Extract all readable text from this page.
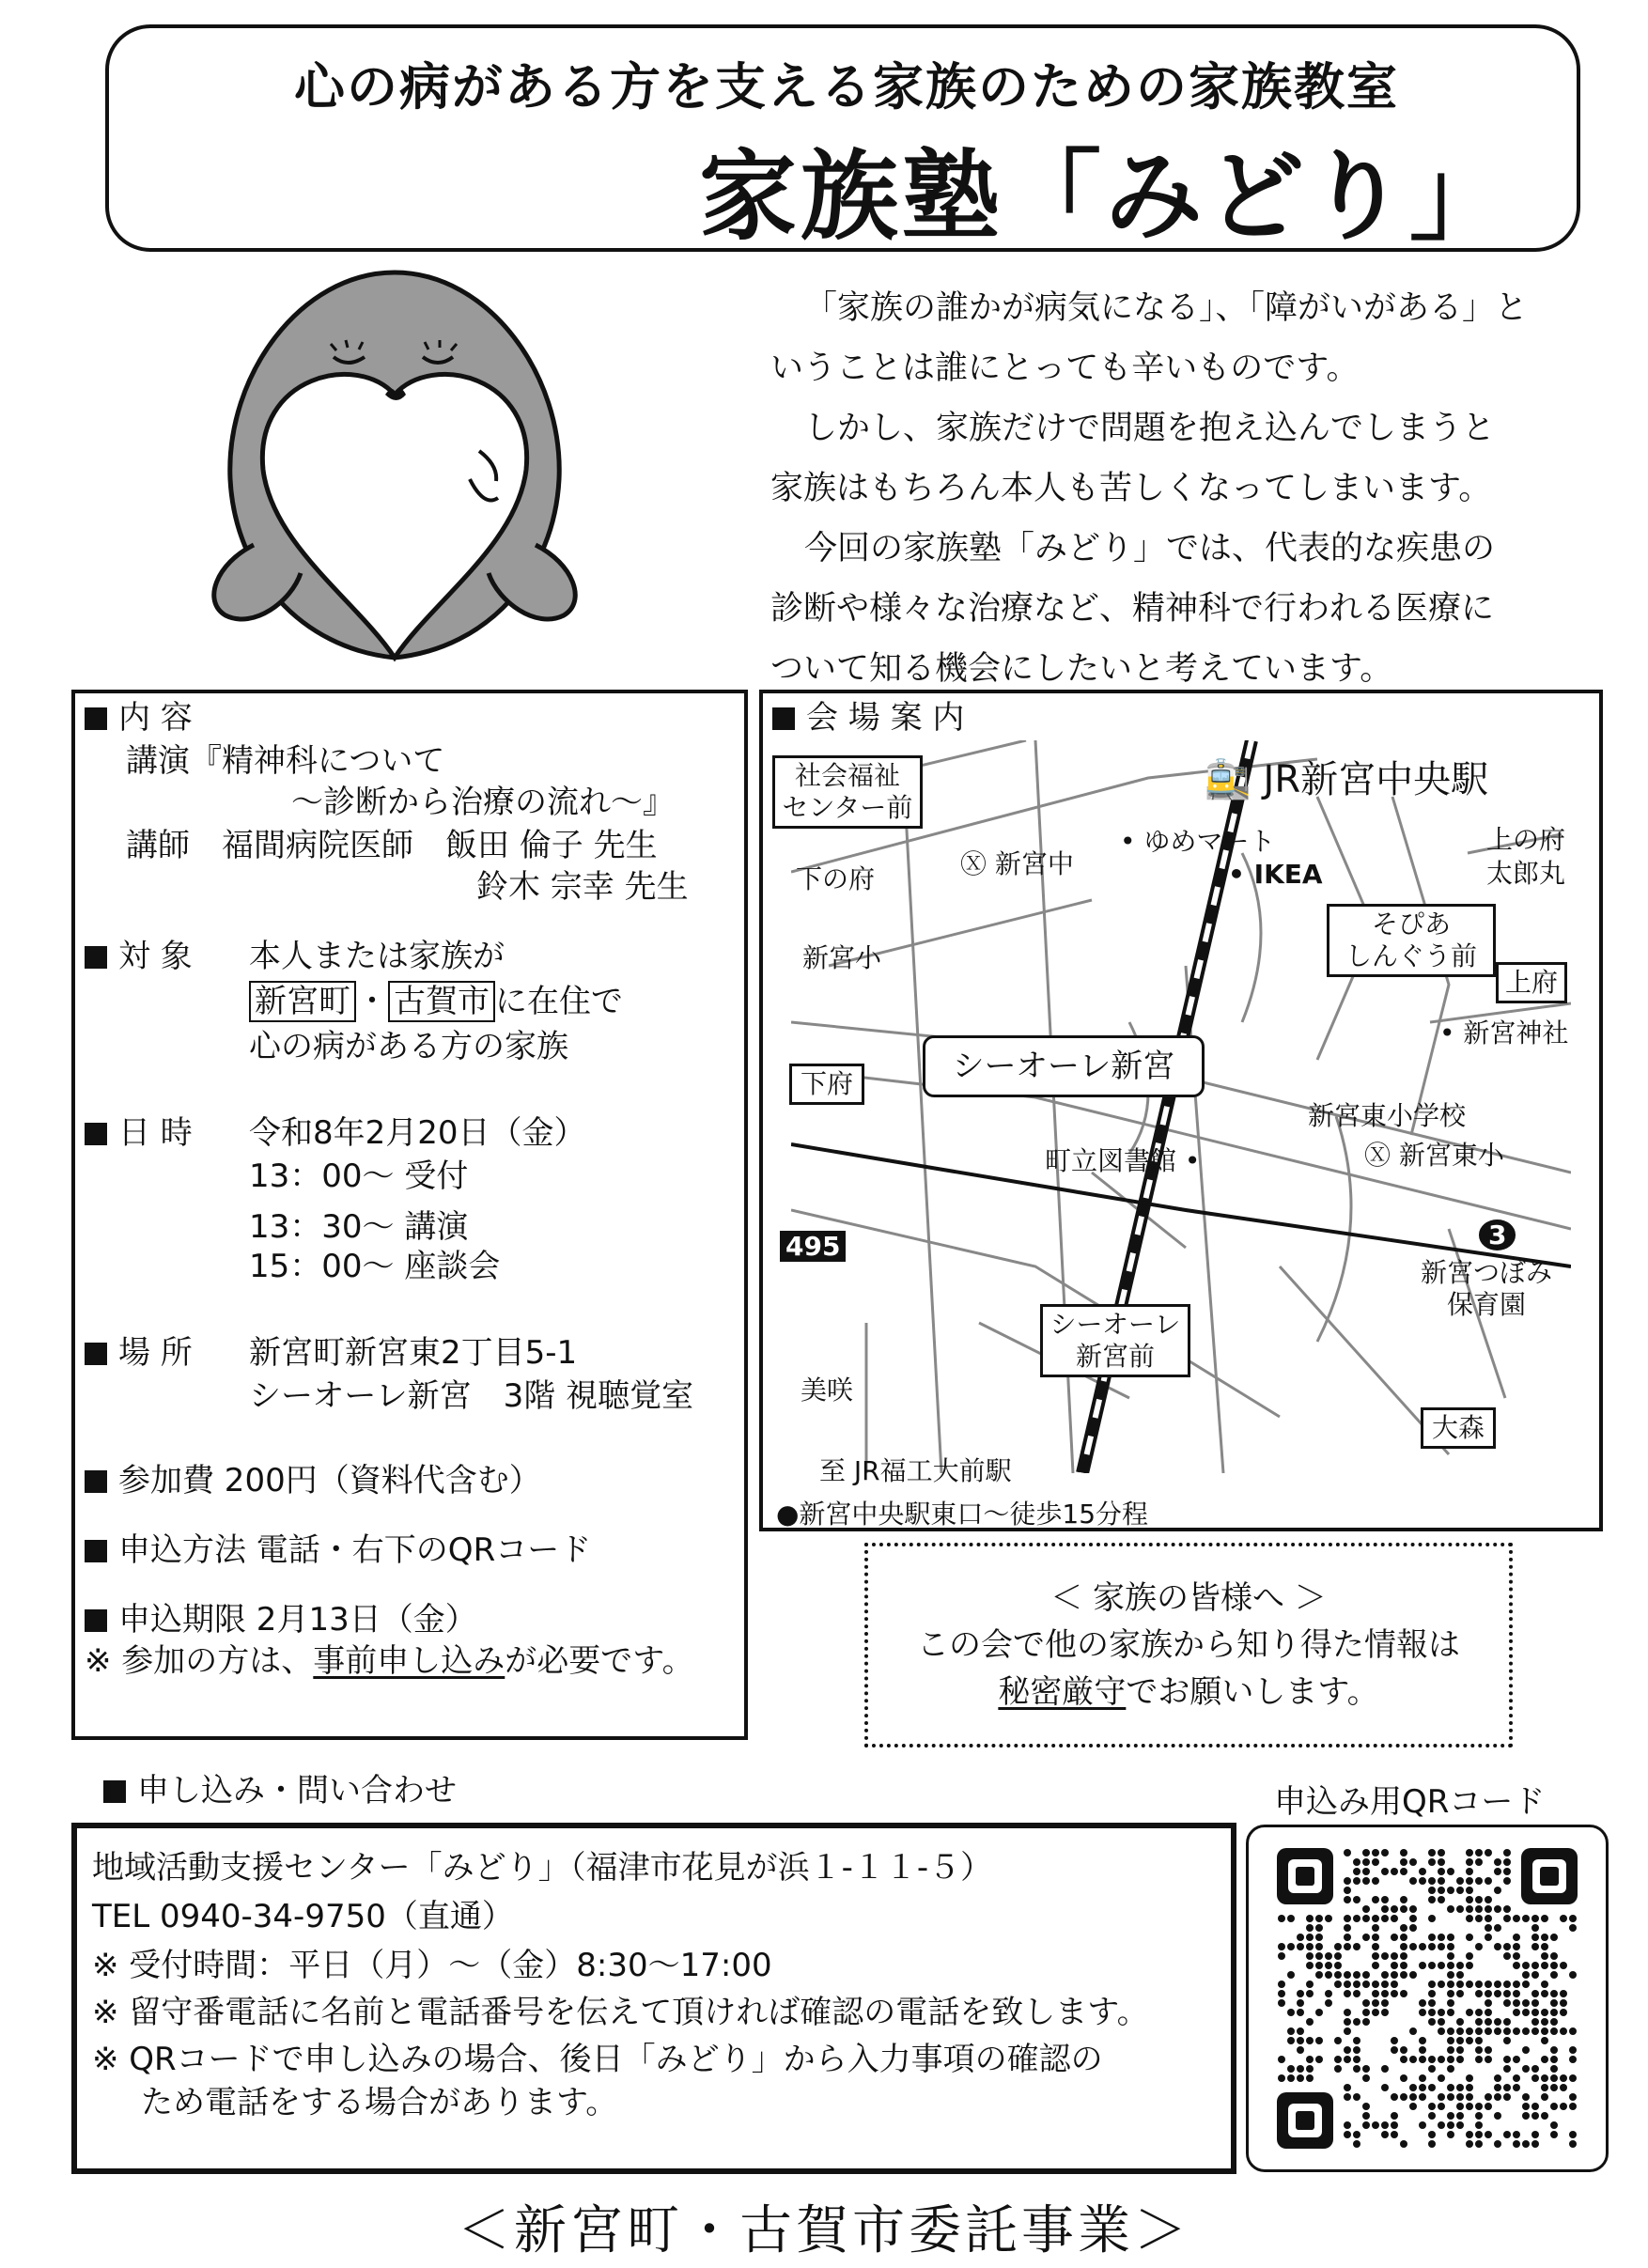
心の病がある方を支える家族のための家族教室
家族塾「みどり」
「家族の誰かが病気になる」、「障がいがある」と
いうことは誰にとっても辛いものです。
しかし、家族だけで問題を抱え込んでしまうと
家族はもちろん本人も苦しくなってしまいます。
今回の家族塾「みどり」では、代表的な疾患の
診断や様々な治療など、精神科で行われる医療に
ついて知る機会にしたいと考えています。
内 容
講演『精神科について
～診断から治療の流れ～』
講師　福間病院医師　飯田 倫子 先生
鈴木 宗幸 先生
対 象 本人または家族が
新宮町 ・ 古賀市 に在住で
心の病がある方の家族
日 時 令和8年2月20日（金）
13：00～ 受付
13：30～ 講演
15：00～ 座談会
場 所 新宮町新宮東2丁目5-1
シーオーレ新宮　3階 視聴覚室
参加費 200円（資料代含む）
申込方法 電話・右下のQRコード
申込期限 2月13日（金）
※ 参加の方は、事前申し込みが必要です。
会 場 案 内
社会福祉
センター前
🚉 JR新宮中央駅
下の府	Ⓧ 新宮中
• ゆめマート
• IKEA
上の府
太郎丸
新宮小
そぴあ
しんぐう前
上府
• 新宮神社
シーオーレ新宮
下府
新宮東小学校
町立図書館 •	Ⓧ 新宮東小
495	3
新宮つぼみ
保育園
シーオーレ
新宮前
美咲
大森
至 JR福工大前駅
●新宮中央駅東口～徒歩15分程
＜ 家族の皆様へ ＞
この会で他の家族から知り得た情報は
秘密厳守でお願いします。
申し込み・問い合わせ
地域活動支援センター「みどり」（福津市花見が浜１-１１-５）
TEL 0940-34-9750（直通）
※ 受付時間：平日（月）～（金）8:30～17:00
※ 留守番電話に名前と電話番号を伝えて頂ければ確認の電話を致します。
※ QRコードで申し込みの場合、後日「みどり」から入力事項の確認の
ため電話をする場合があります。
申込み用QRコード
＜新宮町・古賀市委託事業＞
